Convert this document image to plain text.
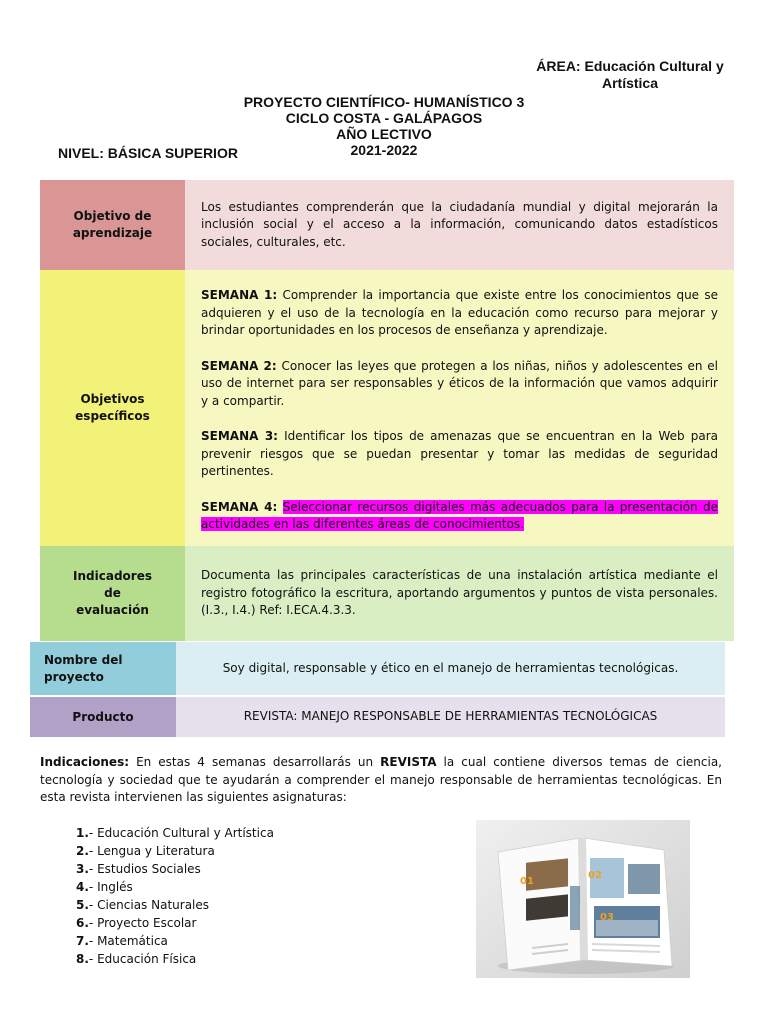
ÁREA: Educación Cultural y
Artística
PROYECTO CIENTÍFICO- HUMANÍSTICO 3
CICLO COSTA - GALÁPAGOS
AÑO LECTIVO
2021-2022
NIVEL: BÁSICA SUPERIOR
Objetivo de
aprendizaje

Los estudiantes comprenderán que la ciudadanía mundial y digital mejorarán la inclusión social y el acceso a la información, comunicando datos estadísticos sociales, culturales, etc.

Objetivos
específicos

SEMANA 1: Comprender la importancia que existe entre los conocimientos que se adquieren y el uso de la tecnología en la educación como recurso para mejorar y brindar oportunidades en los procesos de enseñanza y aprendizaje.

SEMANA 2: Conocer las leyes que protegen a los niñas, niños y adolescentes en el uso de internet para ser responsables y éticos de la información que vamos adquirir y a compartir.

SEMANA 3: Identificar los tipos de amenazas que se encuentran en la Web para prevenir riesgos que se puedan presentar y tomar las medidas de seguridad pertinentes.

SEMANA 4: Seleccionar recursos digitales más adecuados para la presentación de actividades en las diferentes áreas de conocimientos.

Indicadores
de
evaluación

Documenta las principales características de una instalación artística mediante el registro fotográfico la escritura, aportando argumentos y puntos de vista personales. (I.3., I.4.) Ref: I.ECA.4.3.3.

Nombre del
proyecto

Soy digital, responsable y ético en el manejo de herramientas tecnológicas.

Producto	REVISTA: MANEJO RESPONSABLE DE HERRAMIENTAS TECNOLÓGICAS

Indicaciones: En estas 4 semanas desarrollarás un REVISTA la cual contiene diversos temas de ciencia, tecnología y sociedad que te ayudarán a comprender el manejo responsable de herramientas tecnológicas. En esta revista intervienen las siguientes asignaturas:
1.- Educación Cultural y Artística
2.- Lengua y Literatura
3.- Estudios Sociales
4.- Inglés
5.- Ciencias Naturales
6.- Proyecto Escolar
7.- Matemática
8.- Educación Física
01
02
03
